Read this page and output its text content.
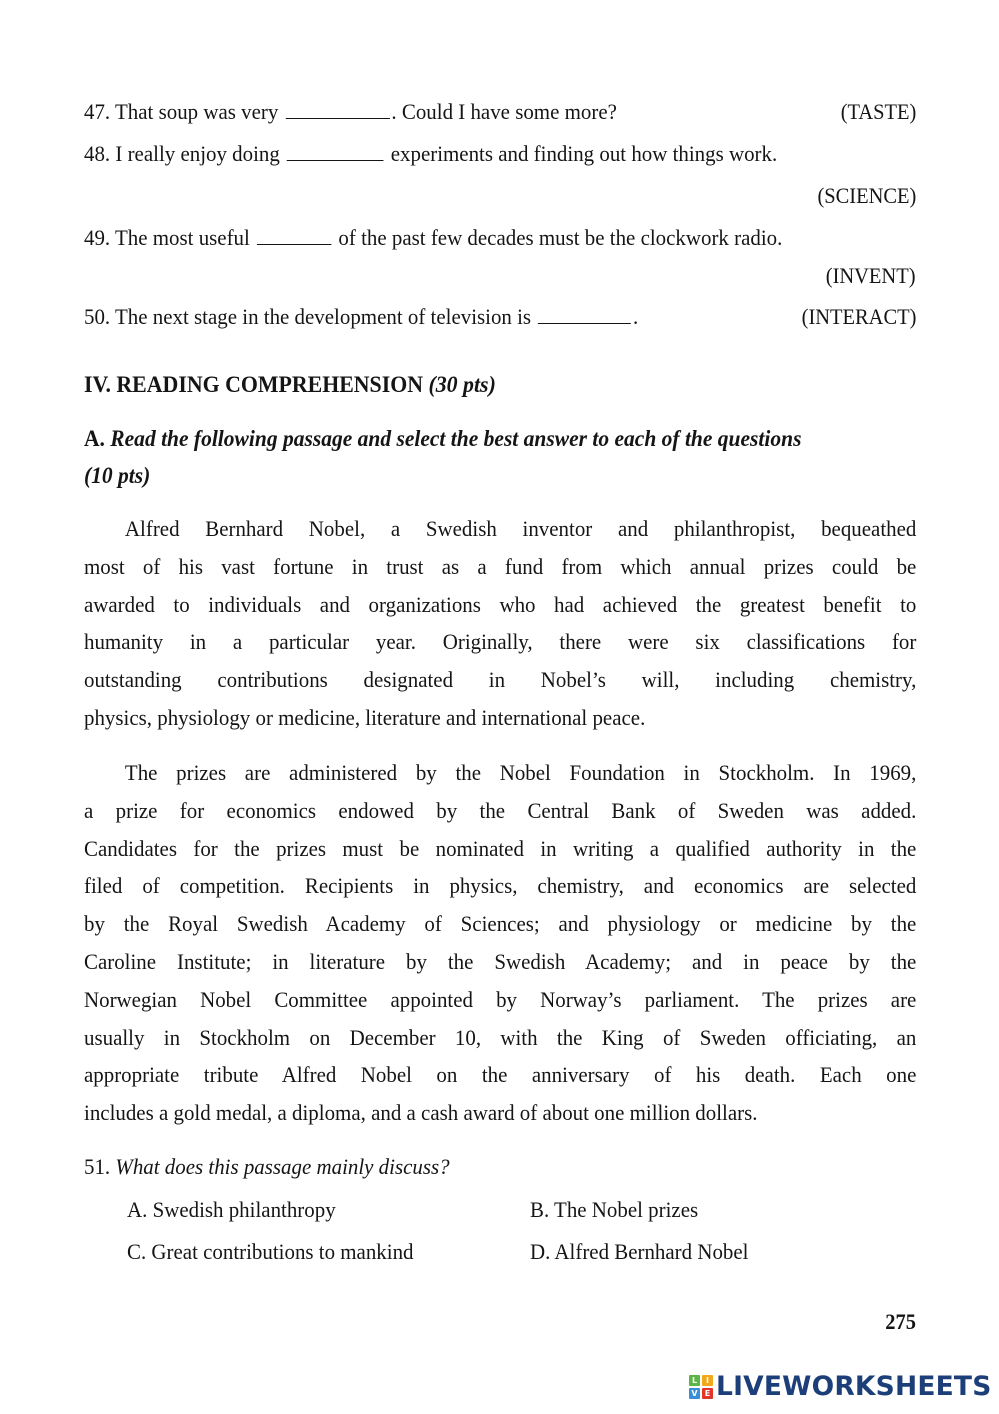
47. That soup was very	. Could I have some more?	(TASTE)
48. I really enjoy doing	experiments and finding out how things work.
(SCIENCE)
49. The most useful	of the past few decades must be the clockwork radio.
(INVENT)
50. The next stage in the development of television is	.	(INTERACT)
IV. READING COMPREHENSION (30 pts)
A. Read the following passage and select the best answer to each of the questions
(10 pts)
Alfred Bernhard Nobel, a Swedish inventor and philanthropist, bequeathed
most of his vast fortune in trust as a fund from which annual prizes could be
awarded to individuals and organizations who had achieved the greatest benefit to
humanity in a particular year. Originally, there were six classifications for
outstanding contributions designated in Nobel’s will, including chemistry,
physics, physiology or medicine, literature and international peace.
The prizes are administered by the Nobel Foundation in Stockholm. In 1969,
a prize for economics endowed by the Central Bank of Sweden was added.
Candidates for the prizes must be nominated in writing a qualified authority in the
filed of competition. Recipients in physics, chemistry, and economics are selected
by the Royal Swedish Academy of Sciences; and physiology or medicine by the
Caroline Institute; in literature by the Swedish Academy; and in peace by the
Norwegian Nobel Committee appointed by Norway’s parliament. The prizes are
usually in Stockholm on December 10, with the King of Sweden officiating, an
appropriate tribute Alfred Nobel on the anniversary of his death. Each one
includes a gold medal, a diploma, and a cash award of about one million dollars.
51. What does this passage mainly discuss?
A. Swedish philanthropy	B. The Nobel prizes
C. Great contributions to mankind	D. Alfred Bernhard Nobel
275
L	I
V E LIVEWORKSHEETS
